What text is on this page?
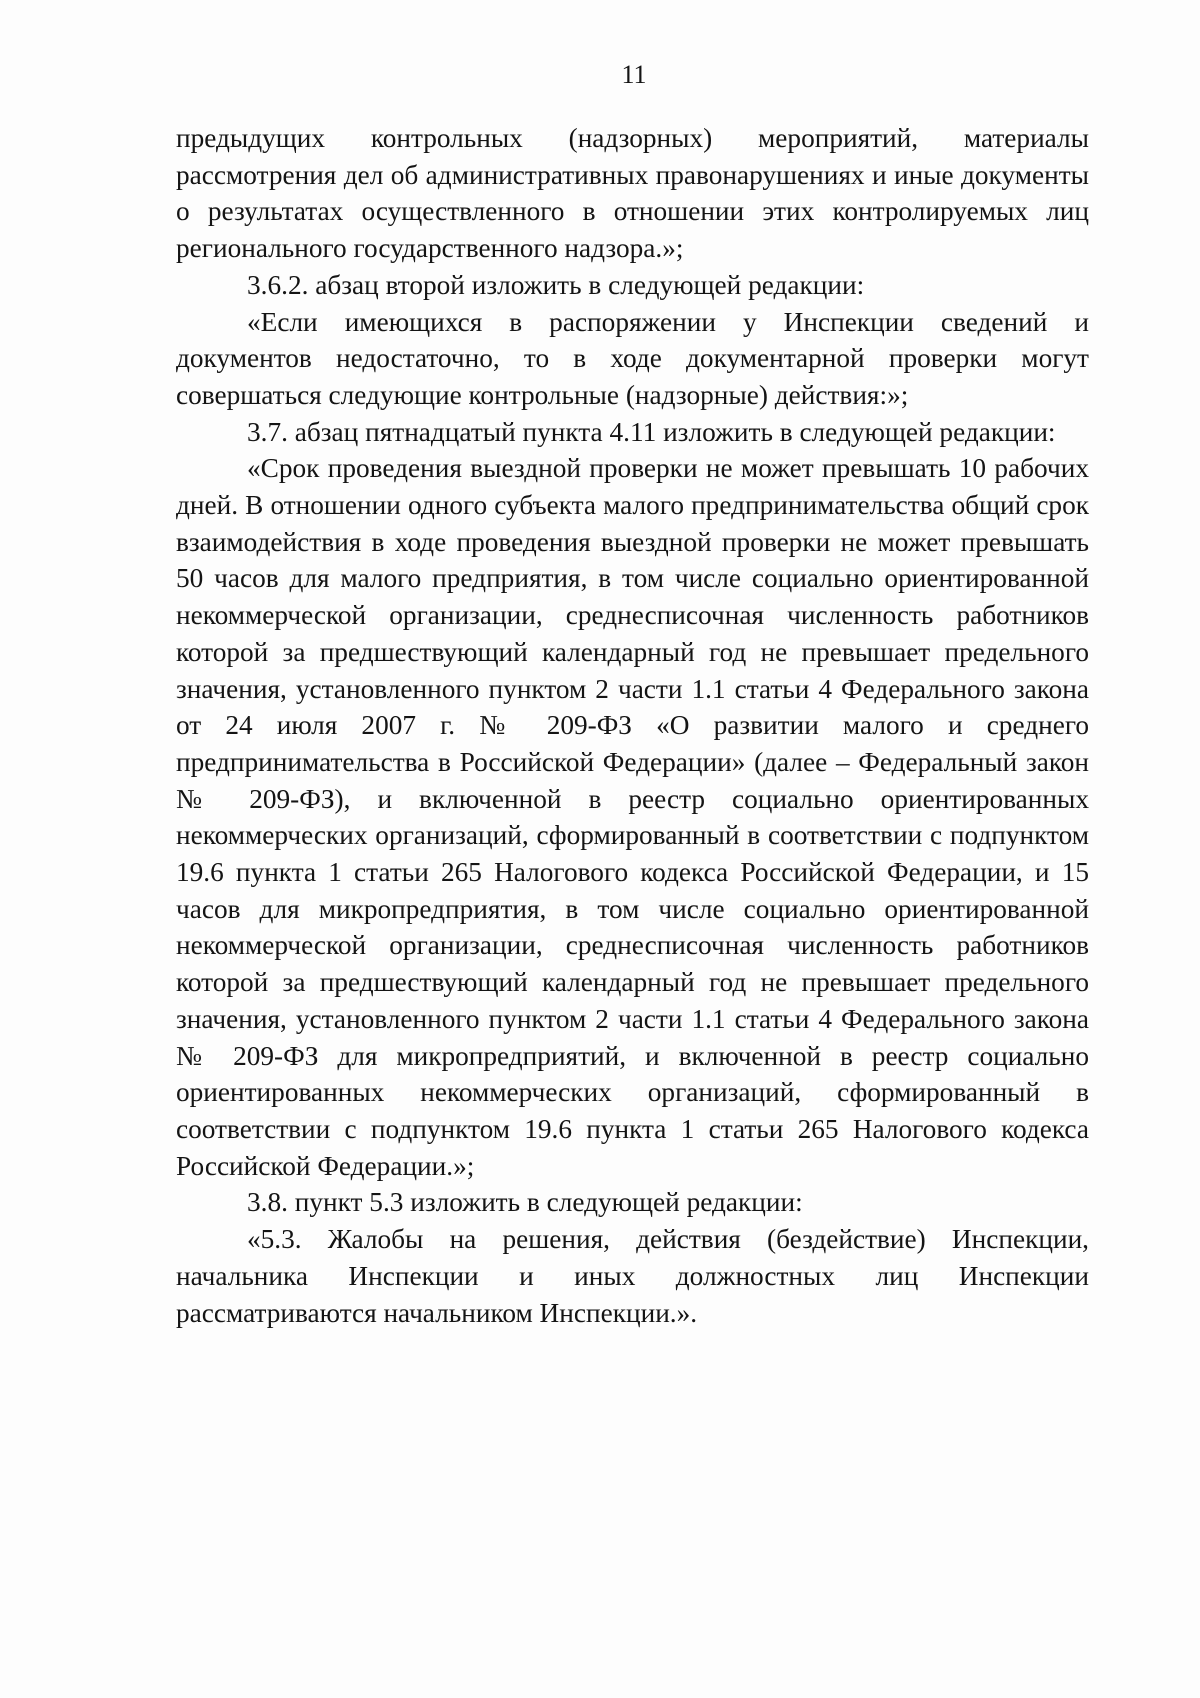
11

предыдущих контрольных (надзорных) мероприятий, материалы рассмотрения дел об административных правонарушениях и иные документы о результатах осуществленного в отношении этих контролируемых лиц регионального государственного надзора.»;

3.6.2. абзац второй изложить в следующей редакции:

«Если имеющихся в распоряжении у Инспекции сведений и документов недостаточно, то в ходе документарной проверки могут совершаться следующие контрольные (надзорные) действия:»;

3.7. абзац пятнадцатый пункта 4.11 изложить в следующей редакции:

«Срок проведения выездной проверки не может превышать 10 рабочих дней. В отношении одного субъекта малого предпринимательства общий срок взаимодействия в ходе проведения выездной проверки не может превышать 50 часов для малого предприятия, в том числе социально ориентированной некоммерческой организации, среднесписочная численность работников которой за предшествующий календарный год не превышает предельного значения, установленного пунктом 2 части 1.1 статьи 4 Федерального закона от 24 июля 2007 г. № 209-ФЗ «О развитии малого и среднего предпринимательства в Российской Федерации» (далее – Федеральный закон № 209-ФЗ), и включенной в реестр социально ориентированных некоммерческих организаций, сформированный в соответствии с подпунктом 19.6 пункта 1 статьи 265 Налогового кодекса Российской Федерации, и 15 часов для микропредприятия, в том числе социально ориентированной некоммерческой организации, среднесписочная численность работников которой за предшествующий календарный год не превышает предельного значения, установленного пунктом 2 части 1.1 статьи 4 Федерального закона № 209-ФЗ для микропредприятий, и включенной в реестр социально ориентированных некоммерческих организаций, сформированный в соответствии с подпунктом 19.6 пункта 1 статьи 265 Налогового кодекса Российской Федерации.»;

3.8. пункт 5.3 изложить в следующей редакции:

«5.3. Жалобы на решения, действия (бездействие) Инспекции, начальника Инспекции и иных должностных лиц Инспекции рассматриваются начальником Инспекции.».
